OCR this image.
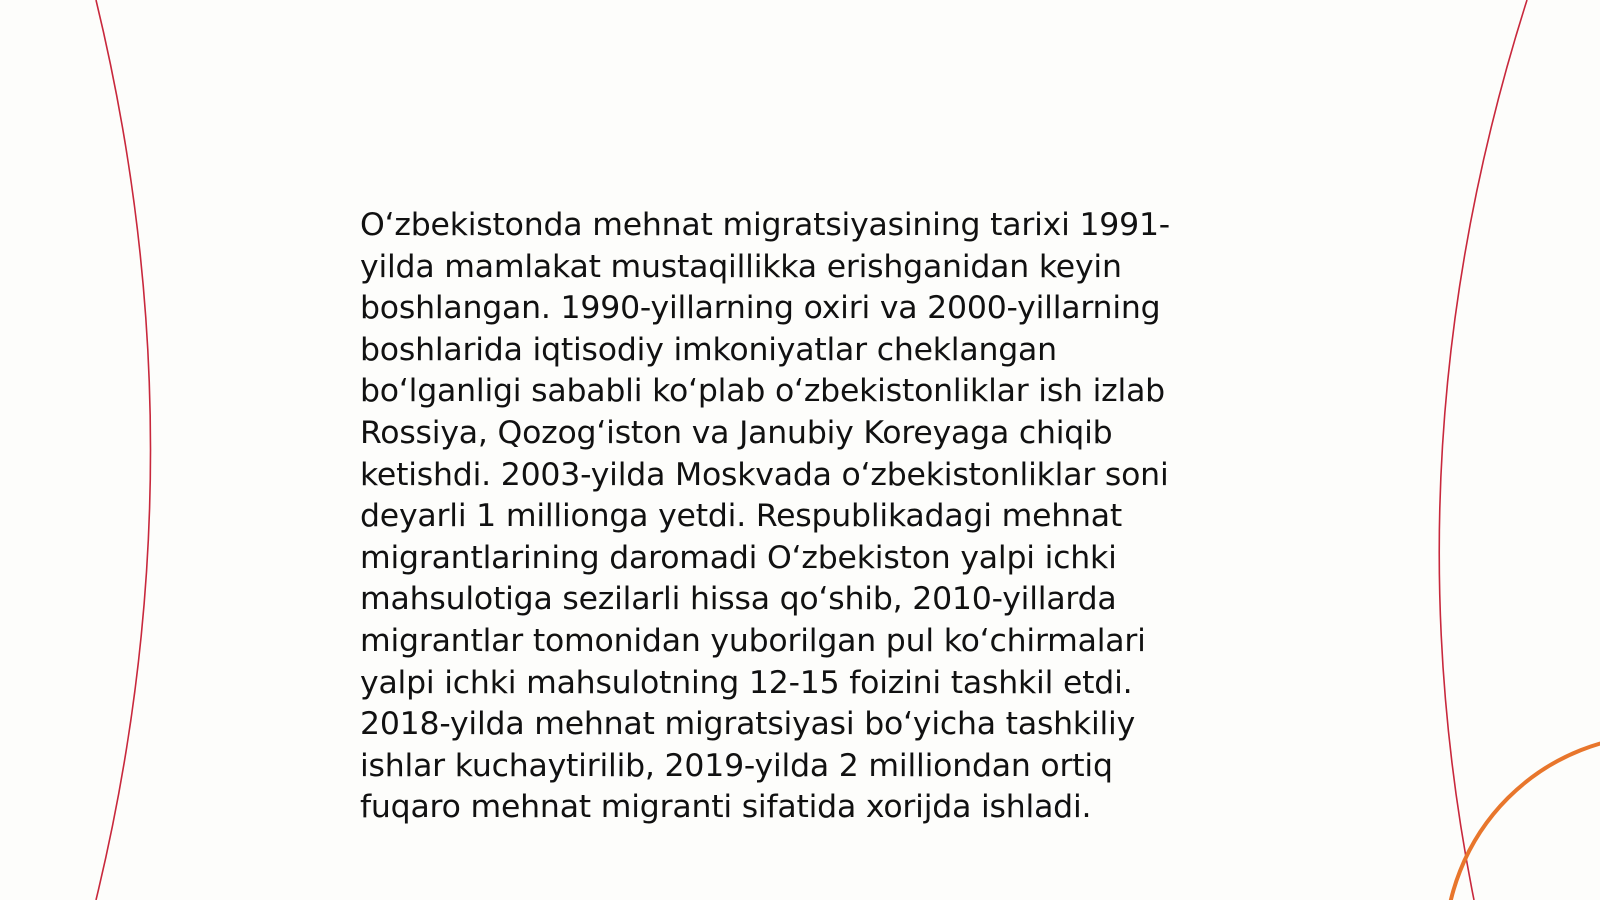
O‘zbekistonda mehnat migratsiyasining tarixi 1991-
yilda mamlakat mustaqillikka erishganidan keyin
boshlangan. 1990-yillarning oxiri va 2000-yillarning
boshlarida iqtisodiy imkoniyatlar cheklangan
bo‘lganligi sababli ko‘plab o‘zbekistonliklar ish izlab
Rossiya, Qozog‘iston va Janubiy Koreyaga chiqib
ketishdi. 2003-yilda Moskvada o‘zbekistonliklar soni
deyarli 1 millionga yetdi. Respublikadagi mehnat
migrantlarining daromadi O‘zbekiston yalpi ichki
mahsulotiga sezilarli hissa qo‘shib, 2010-yillarda
migrantlar tomonidan yuborilgan pul ko‘chirmalari
yalpi ichki mahsulotning 12-15 foizini tashkil etdi.
2018-yilda mehnat migratsiyasi bo‘yicha tashkiliy
ishlar kuchaytirilib, 2019-yilda 2 milliondan ortiq
fuqaro mehnat migranti sifatida xorijda ishladi.
